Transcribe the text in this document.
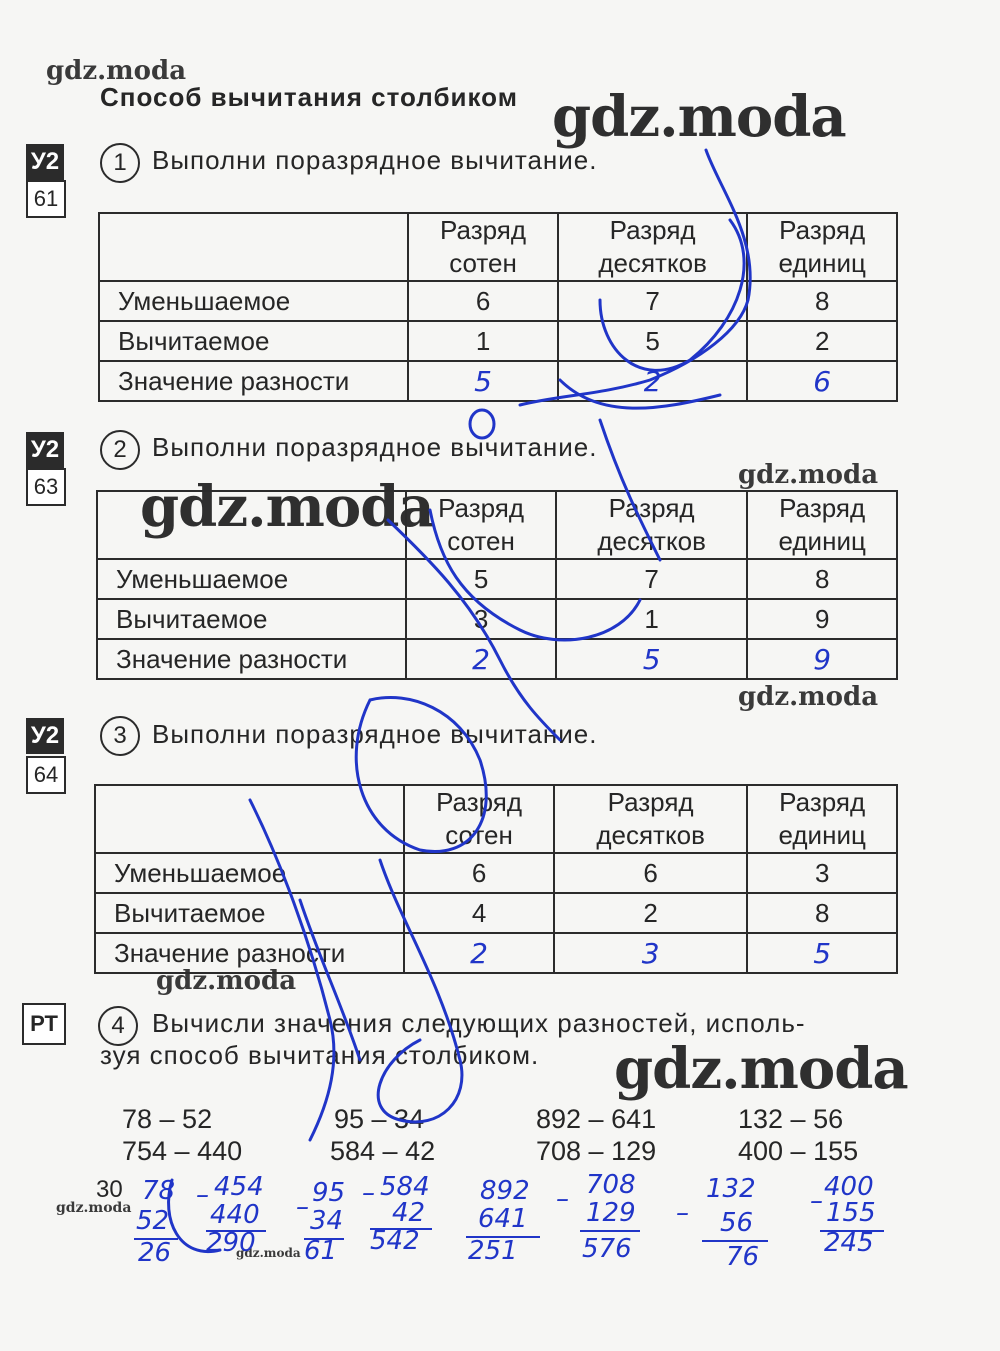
gdz.moda
gdz.moda
gdz.moda
gdz.moda
gdz.moda
gdz.moda
gdz.moda
gdz.moda
gdz.moda
Способ вычитания столбиком
У2
61
1 Выполни поразрядное вычитание.
	Разряд
сотен	Разряд
десятков	Разряд
единиц
Уменьшаемое	6	7	8
Вычитаемое	1	5	2
Значение разности	5	2	6
У2
63
2 Выполни поразрядное вычитание.
	Разряд
сотен	Разряд
десятков	Разряд
единиц
Уменьшаемое	5	7	8
Вычитаемое	3	1	9
Значение разности	2	5	9
У2
64
3 Выполни поразрядное вычитание.
	Разряд
сотен	Разряд
десятков	Разряд
единиц
Уменьшаемое	6	6	3
Вычитаемое	4	2	8
Значение разности	2	3	5
РТ	4	Вычисли значения следующих разностей, исполь-
зуя способ вычитания столбиком.
78 – 52	95 – 34	892 – 641	132 – 56
754 – 440	584 – 42	708 – 129	400 – 155
30 78
52
26
– 454
440
290
– 95
34
61
– 584
42
542
892
641
251
– 708
129
576
–
132
56
76
– 400
155
245
